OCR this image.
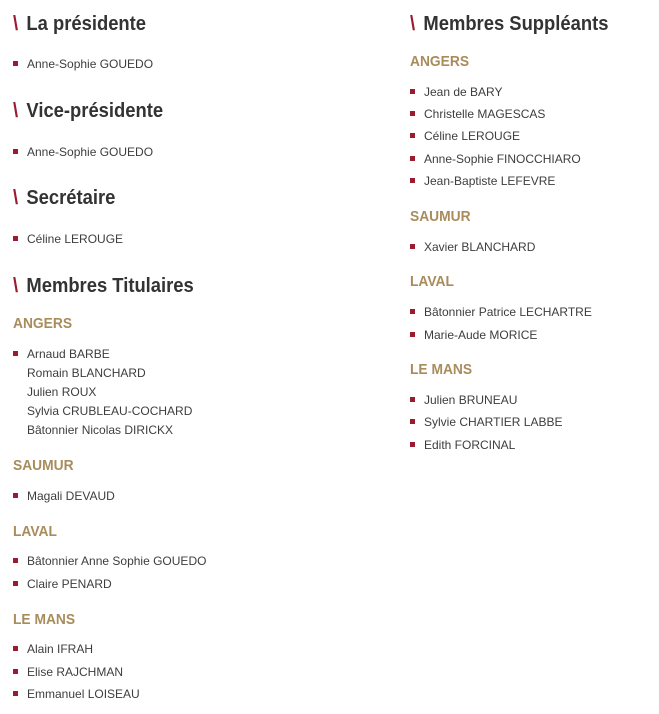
\ La présidente
Anne-Sophie GOUEDO
\ Vice-présidente
Anne-Sophie GOUEDO
\ Secrétaire
Céline LEROUGE
\ Membres Titulaires
ANGERS
Arnaud BARBE
Romain BLANCHARD
Julien ROUX
Sylvia CRUBLEAU-COCHARD
Bâtonnier Nicolas DIRICKX
SAUMUR
Magali DEVAUD
LAVAL
Bâtonnier Anne Sophie GOUEDO
Claire PENARD
LE MANS
Alain IFRAH
Elise RAJCHMAN
Emmanuel LOISEAU
\ Membres Suppléants
ANGERS
Jean de BARY
Christelle MAGESCAS
Céline LEROUGE
Anne-Sophie FINOCCHIARO
Jean-Baptiste LEFEVRE
SAUMUR
Xavier BLANCHARD
LAVAL
Bâtonnier Patrice LECHARTRE
Marie-Aude MORICE
LE MANS
Julien BRUNEAU
Sylvie CHARTIER LABBE
Edith FORCINAL
